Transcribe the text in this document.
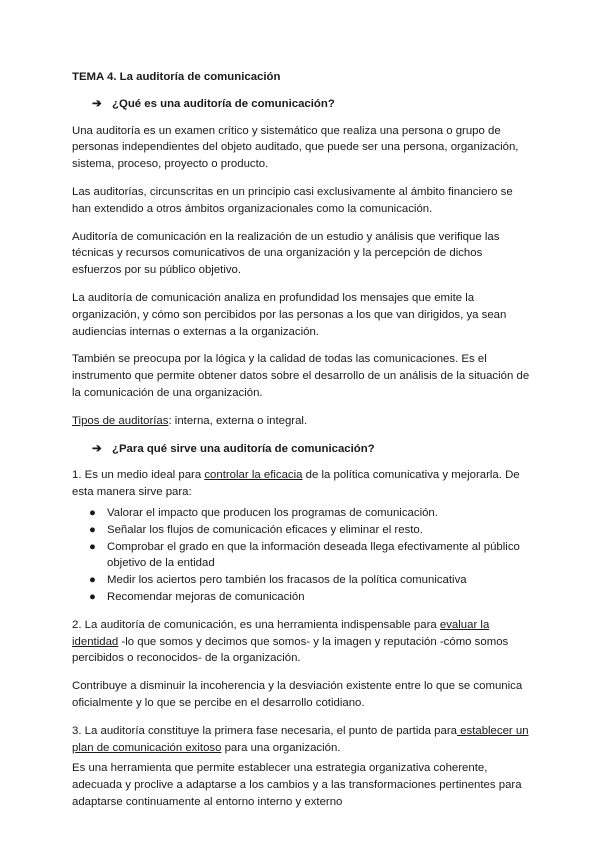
TEMA 4. La auditoría de comunicación
➔ ¿Qué es una auditoría de comunicación?

Una auditoría es un examen crítico y sistemático que realiza una persona o grupo de personas independientes del objeto auditado, que puede ser una persona, organización, sistema, proceso, proyecto o producto.

Las auditorías, circunscritas en un principio casi exclusivamente al ámbito financiero se han extendido a otros ámbitos organizacionales como la comunicación.

Auditoría de comunicación en la realización de un estudio y análisis que verifique las técnicas y recursos comunicativos de una organización y la percepción de dichos esfuerzos por su público objetivo.

La auditoría de comunicación analiza en profundidad los mensajes que emite la organización, y cómo son percibidos por las personas a los que van dirigidos, ya sean audiencias internas o externas a la organización.

También se preocupa por la lógica y la calidad de todas las comunicaciones. Es el instrumento que permite obtener datos sobre el desarrollo de un análisis de la situación de la comunicación de una organización.

Tipos de auditorías: interna, externa o integral.

➔ ¿Para qué sirve una auditoría de comunicación?

1. Es un medio ideal para controlar la eficacia de la política comunicativa y mejorarla. De esta manera sirve para:

● Valorar el impacto que producen los programas de comunicación.
● Señalar los flujos de comunicación eficaces y eliminar el resto.
● Comprobar el grado en que la información deseada llega efectivamente al público objetivo de la entidad
● Medir los aciertos pero también los fracasos de la política comunicativa
● Recomendar mejoras de comunicación

2. La auditoría de comunicación, es una herramienta indispensable para evaluar la identidad -lo que somos y decimos que somos- y la imagen y reputación -cómo somos percibidos o reconocidos- de la organización.

Contribuye a disminuir la incoherencia y la desviación existente entre lo que se comunica oficialmente y lo que se percibe en el desarrollo cotidiano.

3. La auditoría constituye la primera fase necesaria, el punto de partida para establecer un plan de comunicación exitoso para una organización.

Es una herramienta que permite establecer una estrategia organizativa coherente, adecuada y proclive a adaptarse a los cambios y a las transformaciones pertinentes para adaptarse continuamente al entorno interno y externo
